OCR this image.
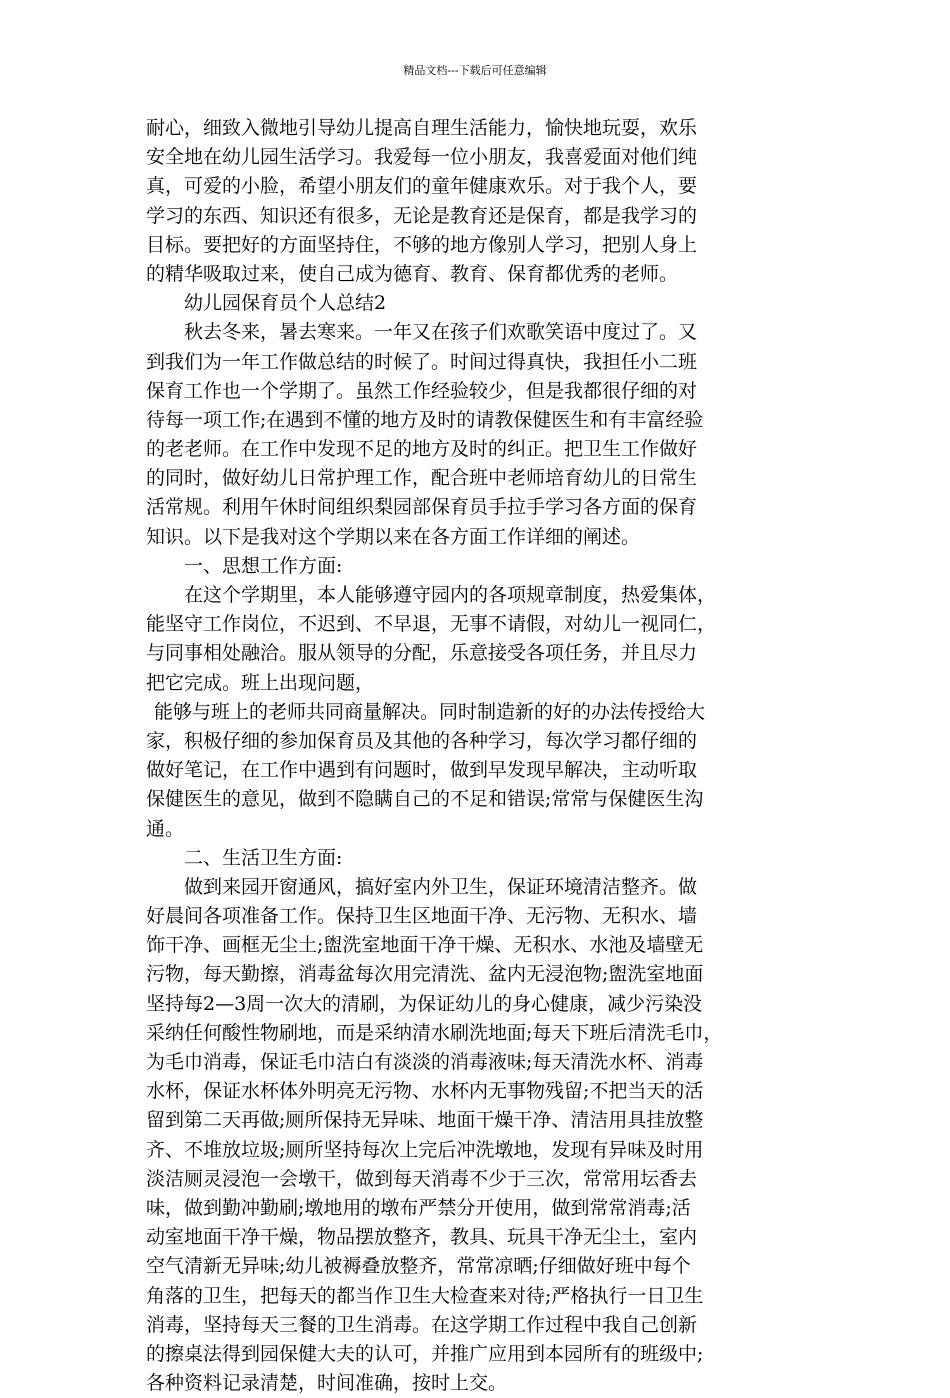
精品文档---下载后可任意编辑
耐心，细致入微地引导幼儿提高自理生活能力，愉快地玩耍，欢乐
安全地在幼儿园生活学习。我爱每一位小朋友，我喜爱面对他们纯
真，可爱的小脸，希望小朋友们的童年健康欢乐。对于我个人，要
学习的东西、知识还有很多，无论是教育还是保育，都是我学习的
目标。要把好的方面坚持住，不够的地方像别人学习，把别人身上
的精华吸取过来，使自己成为德育、教育、保育都优秀的老师。
幼儿园保育员个人总结2
秋去冬来，暑去寒来。一年又在孩子们欢歌笑语中度过了。又
到我们为一年工作做总结的时候了。时间过得真快，我担任小二班
保育工作也一个学期了。虽然工作经验较少，但是我都很仔细的对
待每一项工作;在遇到不懂的地方及时的请教保健医生和有丰富经验
的老老师。在工作中发现不足的地方及时的纠正。把卫生工作做好
的同时，做好幼儿日常护理工作，配合班中老师培育幼儿的日常生
活常规。利用午休时间组织梨园部保育员手拉手学习各方面的保育
知识。以下是我对这个学期以来在各方面工作详细的阐述。
一、思想工作方面:
在这个学期里，本人能够遵守园内的各项规章制度，热爱集体，
能坚守工作岗位，不迟到、不早退，无事不请假，对幼儿一视同仁，
与同事相处融洽。服从领导的分配，乐意接受各项任务，并且尽力
把它完成。班上出现问题，
能够与班上的老师共同商量解决。同时制造新的好的办法传授给大
家，积极仔细的参加保育员及其他的各种学习，每次学习都仔细的
做好笔记，在工作中遇到有问题时，做到早发现早解决，主动听取
保健医生的意见，做到不隐瞒自己的不足和错误;常常与保健医生沟
通。
二、生活卫生方面:
做到来园开窗通风，搞好室内外卫生，保证环境清洁整齐。做
好晨间各项准备工作。保持卫生区地面干净、无污物、无积水、墙
饰干净、画框无尘土;盥洗室地面干净干燥、无积水、水池及墙壁无
污物，每天勤擦，消毒盆每次用完清洗、盆内无浸泡物;盥洗室地面
坚持每2—3周一次大的清刷，为保证幼儿的身心健康，减少污染没
采纳任何酸性物刷地，而是采纳清水刷洗地面;每天下班后清洗毛巾，
为毛巾消毒，保证毛巾洁白有淡淡的消毒液味;每天清洗水杯、消毒
水杯，保证水杯体外明亮无污物、水杯内无事物残留;不把当天的活
留到第二天再做;厕所保持无异味、地面干燥干净、清洁用具挂放整
齐、不堆放垃圾;厕所坚持每次上完后冲洗墩地，发现有异味及时用
淡洁厕灵浸泡一会墩干，做到每天消毒不少于三次，常常用坛香去
味，做到勤冲勤刷;墩地用的墩布严禁分开使用，做到常常消毒;活
动室地面干净干燥，物品摆放整齐，教具、玩具干净无尘土，室内
空气清新无异味;幼儿被褥叠放整齐，常常凉晒;仔细做好班中每个
角落的卫生，把每天的都当作卫生大检查来对待;严格执行一日卫生
消毒，坚持每天三餐的卫生消毒。在这学期工作过程中我自己创新
的擦桌法得到园保健大夫的认可，并推广应用到本园所有的班级中;
各种资料记录清楚，时间准确，按时上交。
